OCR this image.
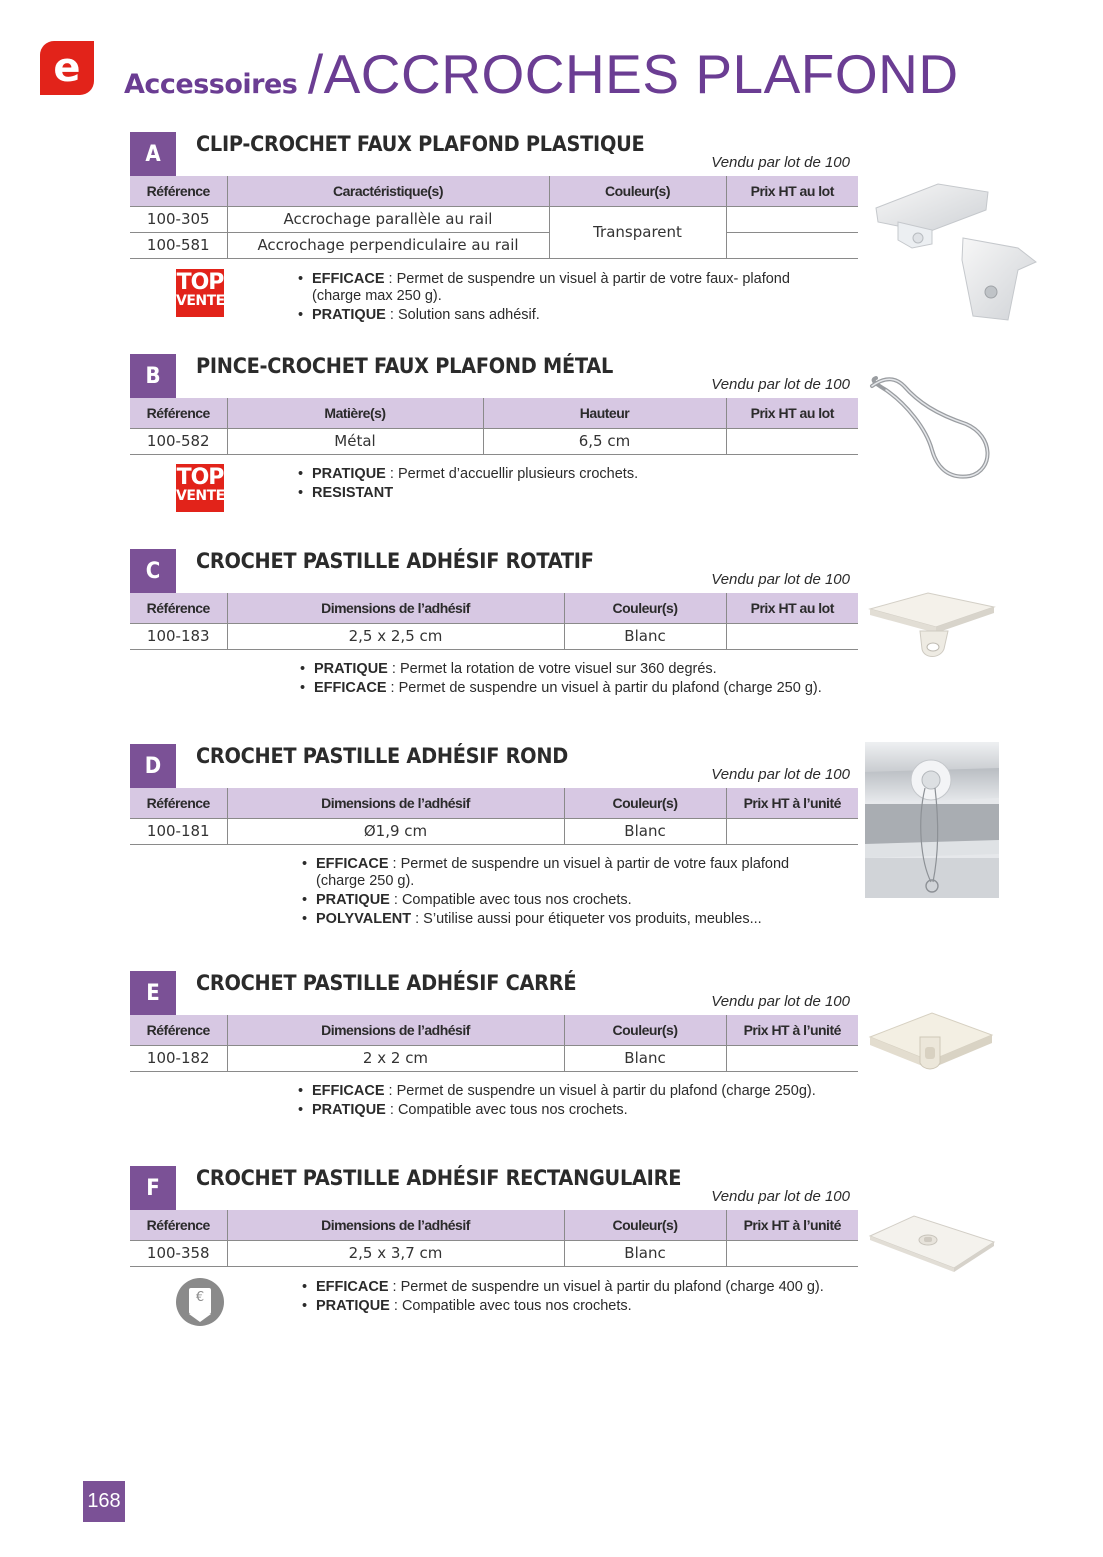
e	Accessoires /ACCROCHES PLAFOND
A	CLIP-CROCHET FAUX PLAFOND PLASTIQUE
Vendu par lot de 100
Référence	Caractéristique(s)	Couleur(s)	Prix HT au lot
100-305	Accrochage parallèle au rail	Transparent	
100-581	Accrochage perpendiculaire au rail		
TOP
VENTE
• EFFICACE : Permet de suspendre un visuel à partir de votre faux- plafond
(charge max 250 g).
• PRATIQUE : Solution sans adhésif.
B	PINCE-CROCHET FAUX PLAFOND MÉTAL
Vendu par lot de 100
Référence	Matière(s)	Hauteur	Prix HT au lot
100-582	Métal	6,5 cm	
TOP
VENTE
• PRATIQUE : Permet d’accuellir plusieurs crochets.
• RESISTANT
C	CROCHET PASTILLE ADHÉSIF ROTATIF
Vendu par lot de 100
Référence	Dimensions de l’adhésif	Couleur(s)	Prix HT au lot
100-183	2,5 x 2,5 cm	Blanc	
• PRATIQUE : Permet la rotation de votre visuel sur 360 degrés.
• EFFICACE : Permet de suspendre un visuel à partir du plafond (charge 250 g).
D	CROCHET PASTILLE ADHÉSIF ROND
Vendu par lot de 100
Référence	Dimensions de l’adhésif	Couleur(s)	Prix HT à l’unité
100-181	Ø1,9 cm	Blanc	
• EFFICACE : Permet de suspendre un visuel à partir de votre faux plafond
(charge 250 g).
• PRATIQUE : Compatible avec tous nos crochets.
• POLYVALENT : S’utilise aussi pour étiqueter vos produits, meubles...
E	CROCHET PASTILLE ADHÉSIF CARRÉ
Vendu par lot de 100
Référence	Dimensions de l’adhésif	Couleur(s)	Prix HT à l’unité
100-182	2 x 2 cm	Blanc	
• EFFICACE : Permet de suspendre un visuel à partir du plafond (charge 250g).
• PRATIQUE : Compatible avec tous nos crochets.
F	CROCHET PASTILLE ADHÉSIF RECTANGULAIRE
Vendu par lot de 100
Référence	Dimensions de l’adhésif	Couleur(s)	Prix HT à l’unité
100-358	2,5 x 3,7 cm	Blanc	
€
• EFFICACE : Permet de suspendre un visuel à partir du plafond (charge 400 g).
• PRATIQUE : Compatible avec tous nos crochets.
168
